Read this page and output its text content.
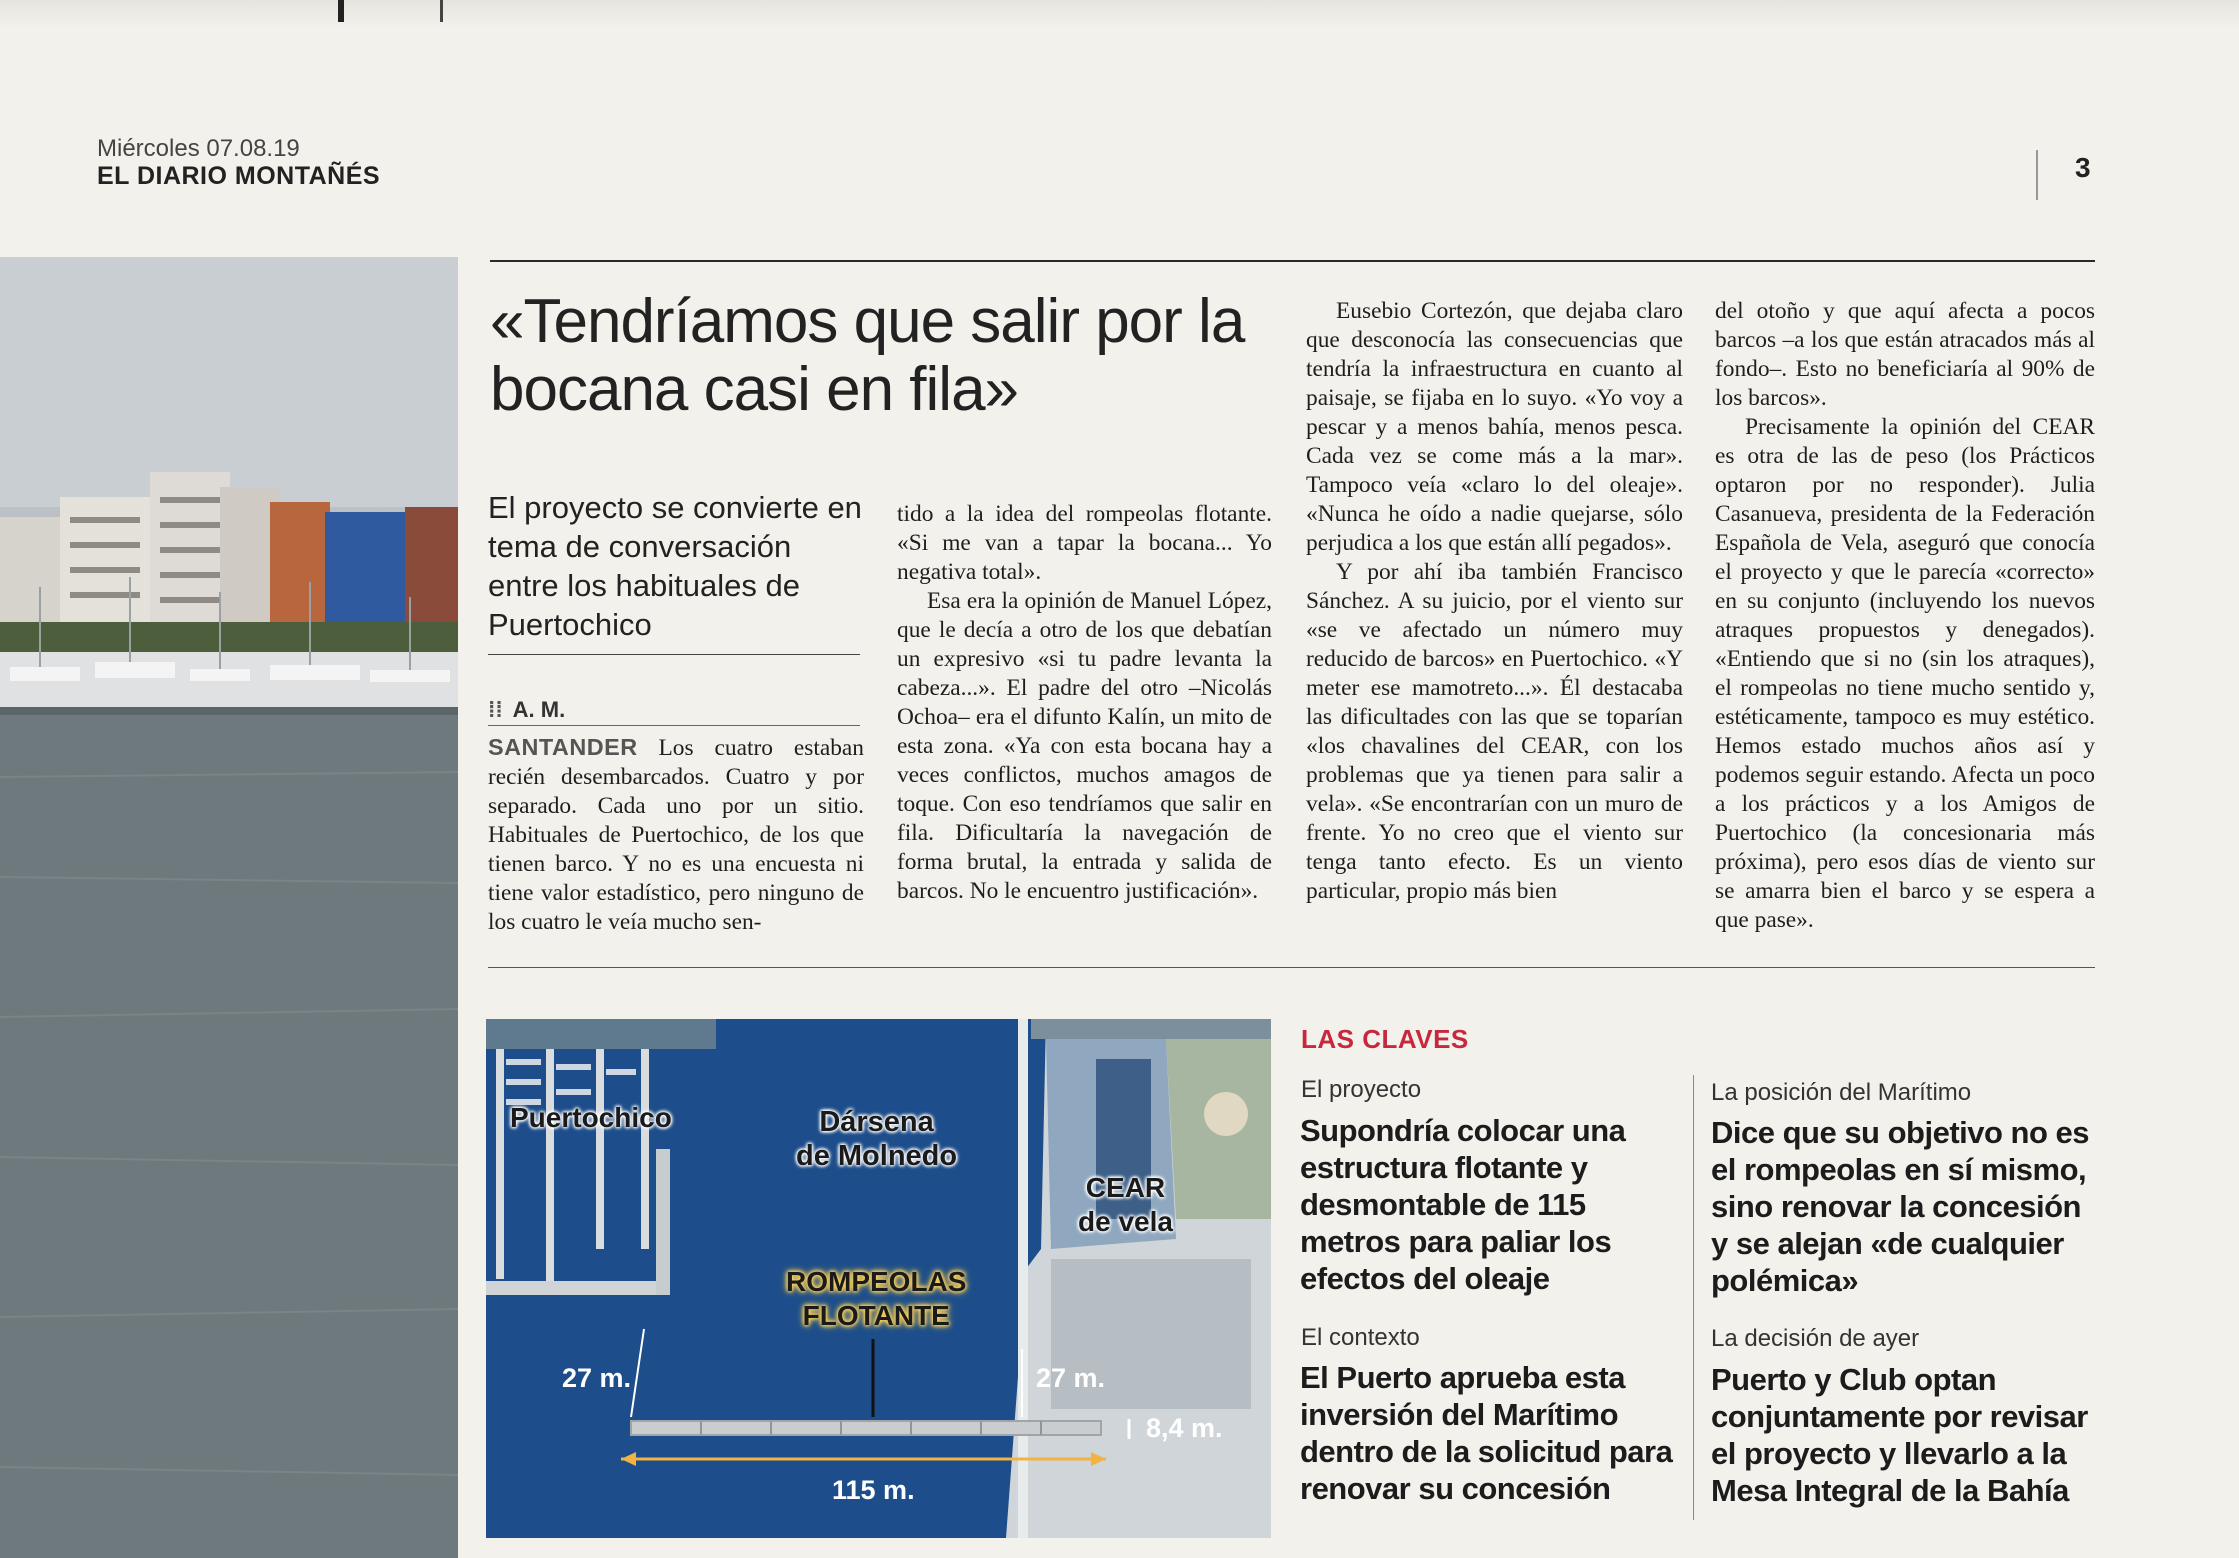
Miércoles 07.08.19
EL DIARIO MONTAÑÉS	3
«Tendríamos que salir por la bocana casi en fila»
El proyecto se convierte en tema de conversación entre los habituales de Puertochico
⁞⁞ A. M.

SANTANDER Los cuatro estaban recién desembarcados. Cuatro y por separado. Cada uno por un sitio. Habituales de Puertochico, de los que tienen barco. Y no es una encuesta ni tiene valor estadístico, pero ninguno de los cuatro le veía mucho sen-

tido a la idea del rompeolas flotante. «Si me van a tapar la bocana... Yo negativa total».

Esa era la opinión de Manuel López, que le decía a otro de los que debatían un expresivo «si tu padre levanta la cabeza...». El padre del otro –Nicolás Ochoa– era el difunto Kalín, un mito de esta zona. «Ya con esta bocana hay a veces conflictos, muchos amagos de toque. Con eso tendríamos que salir en fila. Dificultaría la navegación de forma brutal, la entrada y salida de barcos. No le encuentro justificación».

Eusebio Cortezón, que dejaba claro que desconocía las consecuencias que tendría la infraestructura en cuanto al paisaje, se fijaba en lo suyo. «Yo voy a pescar y a menos bahía, menos pesca. Cada vez se come más a la mar». Tampoco veía «claro lo del oleaje». «Nunca he oído a nadie quejarse, sólo perjudica a los que están allí pegados».

Y por ahí iba también Francisco Sánchez. A su juicio, por el viento sur «se ve afectado un número muy reducido de barcos» en Puertochico. «Y meter ese mamotreto...». Él destacaba las dificultades con las que se toparían «los chavalines del CEAR, con los problemas que ya tienen para salir a vela». «Se encontrarían con un muro de frente. Yo no creo que el viento sur tenga tanto efecto. Es un viento particular, propio más bien

del otoño y que aquí afecta a pocos barcos –a los que están atracados más al fondo–. Esto no beneficiaría al 90% de los barcos».

Precisamente la opinión del CEAR es otra de las de peso (los Prácticos optaron por no responder). Julia Casanueva, presidenta de la Federación Española de Vela, aseguró que conocía el proyecto y que le parecía «correcto» en su conjunto (incluyendo los nuevos atraques propuestos y denegados). «Entiendo que si no (sin los atraques), el rompeolas no tiene mucho sentido y, estéticamente, tampoco es muy estético. Hemos estado muchos años así y podemos seguir estando. Afecta un poco a los prácticos y a los Amigos de Puertochico (la concesionaria más próxima), pero esos días de viento sur se amarra bien el barco y se espera a que pase».

Puertochico	Dársena
de Molnedo
CEAR
de vela
ROMPEOLAS
FLOTANTE
27 m.	27 m.
8,4 m.
115 m.
LAS CLAVES
El proyecto
Supondría colocar una estructura flotante y desmontable de 115 metros para paliar los efectos del oleaje
El contexto
El Puerto aprueba esta inversión del Marítimo dentro de la solicitud para renovar su concesión
La posición del Marítimo
Dice que su objetivo no es el rompeolas en sí mismo, sino renovar la concesión y se alejan «de cualquier polémica»
La decisión de ayer
Puerto y Club optan conjuntamente por revisar el proyecto y llevarlo a la Mesa Integral de la Bahía
